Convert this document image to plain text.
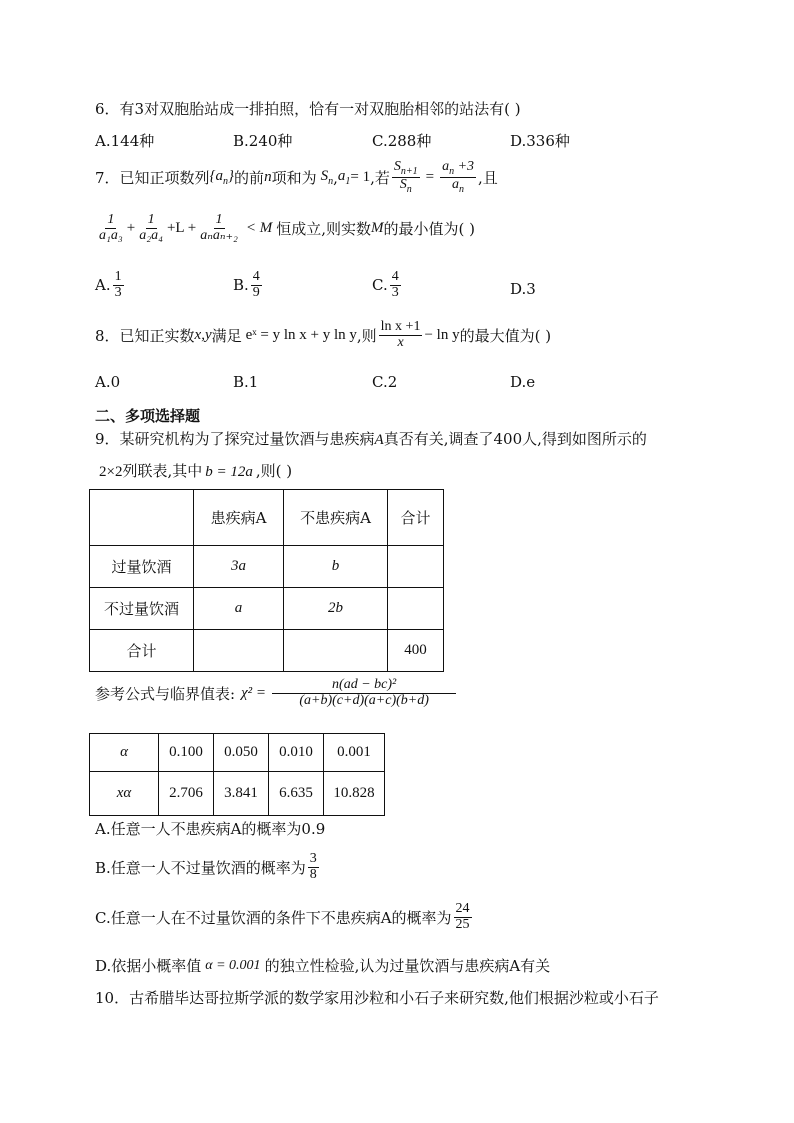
6．有3对双胞胎站成一排拍照，恰有一对双胞胎相邻的站法有( )
A.144种	B.240种	C.288种	D.336种
7．已知正项数列 $\{a_n\}$ 的前 n 项和为 $S_n$ , $a_1 = 1$ ,若 $\frac{S_{n+1}}{S_n} = \frac{a_n +3}{a_n}$ ,且
$\frac{1}{\text{a₁a₃}} + \frac{1}{\text{a₂a₄}} +L + \frac{1}{\text{aₙaₙ₊₂}} < M$ 恒成立,则实数 M 的最小值为( )
A. $\frac{1}{3}$	B. $\frac{4}{9}$	C. $\frac{4}{3}$	D.3
8．已知正实数 x,y 满足 eˣ = y ln x + y ln y ,则 $\frac{\text{ln x +1}}{x} - \ln y$ 的最大值为( )
A.0	B.1	C.2	D.e
二、多项选择题
9．某研究机构为了探究过量饮酒与患疾病A真否有关,调查了400人,得到如图所示的
2×2列联表,其中 b = 12a ,则( )
	患疾病A	不患疾病A	合计
过量饮酒	3a	b	
不过量饮酒	a	2b	
合计			400
参考公式与临界值表: $\chi^2 = \frac{\text{n(ad − bc)²}}{(a+b)(c+d)(a+c)(b+d)}$
α	0.100	0.050	0.010	0.001
xα	2.706	3.841	6.635	10.828
A.任意一人不患疾病A的概率为0.9
B.任意一人不过量饮酒的概率为 $\frac{3}{8}$
C.任意一人在不过量饮酒的条件下不患疾病A的概率为 $\frac{24}{25}$
D.依据小概率值 α = 0.001 的独立性检验,认为过量饮酒与患疾病A有关
10．古希腊毕达哥拉斯学派的数学家用沙粒和小石子来研究数,他们根据沙粒或小石子
